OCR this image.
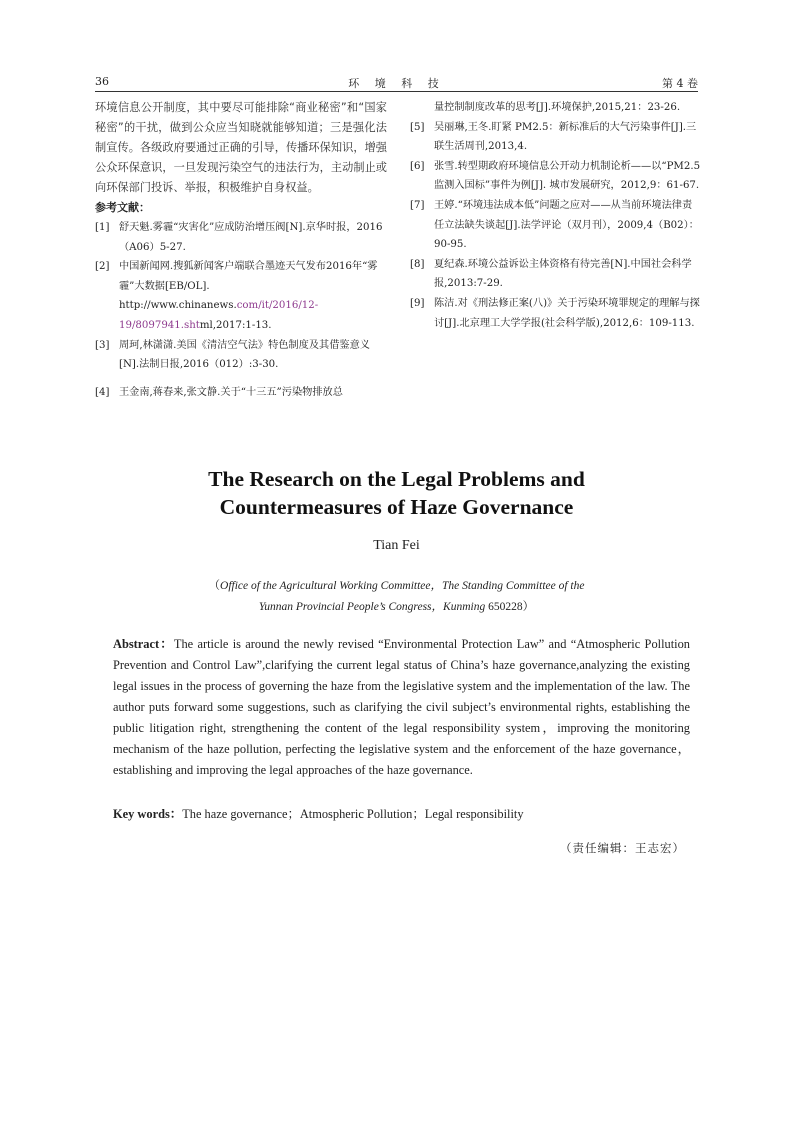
36	环 境 科 技	第 4 卷
环境信息公开制度，其中要尽可能排除“商业秘密”和“国家秘密”的干扰，做到公众应当知晓就能够知道；三是强化法制宣传。各级政府要通过正确的引导，传播环保知识，增强公众环保意识，一旦发现污染空气的违法行为，主动制止或向环保部门投诉、举报，积极维护自身权益。
参考文献：
[1] 舒天魁.雾霾“灾害化”应成防治增压阀[N].京华时报，2016（A06）5-27.
[2] 中国新闻网.搜狐新闻客户端联合墨迹天气发布2016年“雾霾”大数据[EB/OL]. http://www.chinanews.com/it/2016/12-19/8097941.shtml,2017:1-13.
[3] 周珂,林潇潇.美国《清洁空气法》特色制度及其借鉴意义[N].法制日报,2016（012）:3-30.
[4] 王金南,蒋春来,张文静.关于“十三五”污染物排放总
量控制制度改革的思考[J].环境保护,2015,21：23-26.
[5] 吴丽琳,王冬.盯紧 PM2.5：新标准后的大气污染事件[J].三联生活周刊,2013,4.
[6] 张雪.转型期政府环境信息公开动力机制论析——以“PM2.5 监测入国标”事件为例[J]. 城市发展研究，2012,9：61-67.
[7] 王婷.“环境违法成本低”问题之应对——从当前环境法律责任立法缺失谈起[J].法学评论（双月刊），2009,4（B02）：90-95.
[8] 夏纪森.环境公益诉讼主体资格有待完善[N].中国社会科学报,2013:7-29.
[9] 陈洁.对《刑法修正案(八)》关于污染环境罪规定的理解与探讨[J].北京理工大学学报(社会科学版),2012,6：109-113.
The Research on the Legal Problems and
Countermeasures of Haze Governance
Tian Fei
（Office of the Agricultural Working Committee，The Standing Committee of the
Yunnan Provincial People’s Congress，Kunming 650228）
Abstract：The article is around the newly revised “Environmental Protection Law” and “Atmospheric Pollution Prevention and Control Law”,clarifying the current legal status of China’s haze governance,analyzing the existing legal issues in the process of governing the haze from the legislative system and the implementation of the law. The author puts forward some suggestions, such as clarifying the civil subject’s environmental rights, establishing the public litigation right, strengthening the content of the legal responsibility system，improving the monitoring mechanism of the haze pollution, perfecting the legislative system and the enforcement of the haze governance，establishing and improving the legal approaches of the haze governance.
Key words：The haze governance；Atmospheric Pollution；Legal responsibility
（责任编辑：王志宏）
